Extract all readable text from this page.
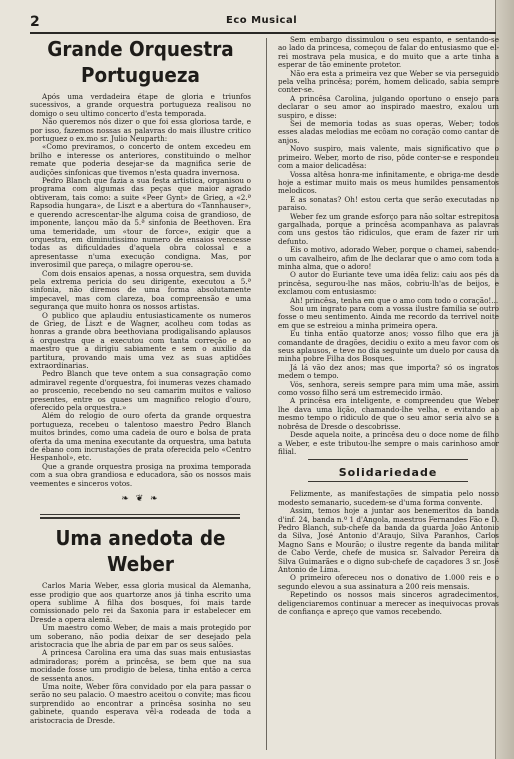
2	Eco Musical
Grande Orquestra Portugueza

Após uma verdadeira étape de gloria e triunfos sucessivos, a grande orquestra portugueza realisou no domigo o seu ultimo concerto d'esta temporada.

Não queremos nós dizer o que foi essa gloriosa tarde, e por isso, fazemos nossas as palavras do mais illustre critico portuguez o ex.mo sr. Julio Neuparth:

«Como previramos, o concerto de ontem excedeu em brilho e interesse os anteriores, constituindo o melhor remate que poderia desejar-se da magnifica serie de audições sinfonicas que tivemos n'esta quadra invernosa.

Pedro Blanch que fazia a sua festa artistica, organisou o programa com algumas das peças que maior agrado obtiveram, tais como: a suite «Peer Gynt» de Grieg, a «2.ª Rapsodia hungara», de Liszt e a abertura do «Tannhauser», e querendo acrescentar-lhe alguma coisa de grandioso, de imponente, lançou mão da 5.ª sinfonia de Beethoven. Era uma temeridade, um «tour de force», exigir que a orquestra, em diminutissimo numero de ensaios vencesse todas as dificuldades d'aquela obra colossal e a apresentasse n'uma execução condigna. Mas, por inverosimil que pareça, o milagre operou-se.

Com dois ensaios apenas, a nossa orquestra, sem duvida pela extrema pericia do seu dirigente, executou a 5.ª sinfonia, não diremos de uma forma absolutamente impecavel, mas com clareza, boa compreensão e uma segurança que muito honra os nossos artistas.

O publico que aplaudiu entusiasticamente os numeros de Grieg, de Liszt e de Wagner, acolheu com todas as honras a grande obra beethoviana prodigalisando aplausos á orquestra que a executou com tanta correção e ao maestro que a dirigiu sabiamente e sem o auxilio da partitura, provando mais uma vez as suas aptidões extraordinarias.

Pedro Blanch que teve ontem a sua consagração como admiravel regente d'orquestra, foi inumeras vezes chamado ao proscenio, recebendo no seu camarim muitos e valioso presentes, entre os quaes um magnifico relogio d'ouro, oferecido pela orquestra.»

Além do relogio de ouro oferta da grande orquestra portugueza, recebeu o talentoso maestro Pedro Blanch muitos brindes, como uma cadeia de ouro e bolsa de prata oferta da uma menina executante da orquestra, uma batuta de ébano com incrustações de prata oferecida pelo «Centro Hespanhol», etc.

Que a grande orquestra prosiga na proxima temporada com a sua obra grandiosa e educadora, são os nossos mais veementes e sinceros votos.

❧ ❦ ❧
Uma anedota de Weber

Carlos Maria Weber, essa gloria musical da Alemanha, esse prodigio que aos quartorze anos já tinha escrito uma opera sublime A filha dos bosques, foi mais tarde comissionado pelo rei da Saxonia para ir estabelecer em Dresde a opera alemã.

Um maestro como Weber, de mais a mais protegido por um soberano, não podia deixar de ser desejado pela aristocracia que lhe abria de par em par os seus salões.

A princesa Carolina era uma das suas mais entusiastas admiradoras; porém a princêsa, se bem que na sua mocidade fosse um prodigio de belesa, tinha então a cerca de sessenta anos.

Uma noite, Weber fôra convidado por ela para passar o serão no seu palacio. O maestro aceitou o convite; mas ficou surprendido ao encontrar a princêsa sosinha no seu gabinete, quando esperava vêl-a rodeada de toda a aristocracia de Dresde.

Sem embargo dissimulou o seu espanto, e sentando-se ao lado da princesa, começou de falar do entusiasmo que el-rei mostrava pela musica, e do muito que a arte tinha a esperar de tão eminente protetor.

Não era esta a primeira vez que Weber se via perseguido pela velha princêsa; porém, homem delicado, sabia sempre conter-se.

A princêsa Carolina, julgando oportuno o ensejo para declarar o seu amor ao inspirado maestro, exalou um suspiro, e disse:

Sei de memoria todas as suas operas, Weber; todos esses aladas melodias me ecôam no coração como cantar de anjos.

Novo suspiro, mais valente, mais significativo que o primeiro. Weber, morto de riso, pôde conter-se e respondeu com a maior delicadêsa:

Vossa altêsa honra-me infinitamente, e obriga-me desde hoje a estimar muito mais os meus humildes pensamentos melodicos.

E as sonatas? Oh! estou certa que serão executadas no paraiso.

Weber fez um grande esforço para não soltar estrepitosa gargalhada, porque a princêsa acompanhava as palavras com uns gestos tão ridiculos, que eram de fazer rir um defunto.

Eis o motivo, adorado Weber, porque o chamei, sabendo-o um cavalheiro, afim de lhe declarar que o amo com toda a minha alma, que o adoro!

O autor do Euriante teve uma idêa feliz: caiu aos pés da princêsa, segurou-lhe nas mãos, cobriu-lh'as de beijos, e exclamou com entusiasmo:

Ah! princêsa, tenha em que o amo com todo o coração!...

Sou um ingrato para com a vossa ilustre familia se outro fosse o meu sentimento. Ainda me recordo da terrivel noite em que se estreiou a minha primeira opera.

Eu tinha então quatorze anos; vosso filho que era já comandante de dragões, decidiu o exito a meu favor com os seus aplausos, e teve no dia seguinte um duelo por causa da minha pobre Filha dos Bosques.

Já lá vão dez anos; mas que importa? só os ingratos medem o tempo.

Vós, senhora, sereis sempre para mim uma mãe, assim como vosso filho será um estremecido irmão.

A princêsa era inteligente, e compreendeu que Weber lhe dava uma lição, chamando-lhe velha, e evitando ao mesmo tempo o ridiculo de que o seu amor seria alvo se a nobrêsa de Dresde o descobrisse.

Desde aquela noite, a princêsa deu o doce nome de filho a Weber, e este tributou-lhe sempre o mais carinhoso amor filial.

Solidariedade

Felizmente, as manifestações de simpatia pelo nosso modesto semanario, sucedem-se d'uma forma convente.

Assim, temos hoje a juntar aos benemeritos da banda d'inf. 24, banda n.º 1 d'Angola, maestros Fernandes Fão e D. Pedro Blanch, sub-chefe da banda da guarda João Antonio da Silva, José Antonio d'Araujo, Silva Paranhos, Carlos Magno Sans e Mourão; o ilustre regente da banda militar de Cabo Verde, chefe de musica sr. Salvador Pereira da Silva Guimarães e o digno sub-chefe de caçadores 3 sr. José Antonio de Lima.

O primeiro ofereceu nos o donativo de 1.000 reis e o segundo elevou a sua assinatura a 200 reis mensais.

Repetindo os nossos mais sinceros agradecimentos, deligenciaremos continuar a merecer as inequivocas provas de confiança e apreço que vamos recebendo.
